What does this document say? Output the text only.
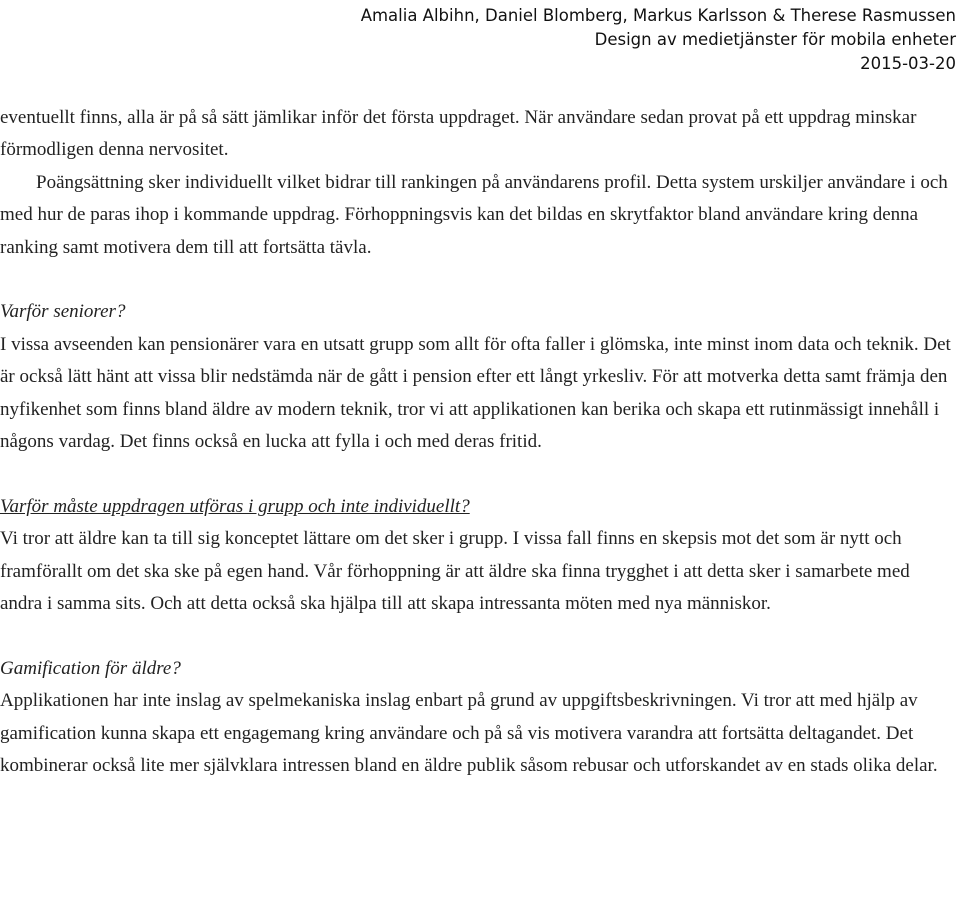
Amalia Albihn, Daniel Blomberg, Markus Karlsson & Therese Rasmussen
Design av medietjänster för mobila enheter
2015-03-20

eventuellt finns, alla är på så sätt jämlikar inför det första uppdraget. När användare sedan provat på ett uppdrag minskar förmodligen denna nervositet.

Poängsättning sker individuellt vilket bidrar till rankingen på användarens profil. Detta system urskiljer användare i och med hur de paras ihop i kommande uppdrag. Förhoppningsvis kan det bildas en skrytfaktor bland användare kring denna ranking samt motivera dem till att fortsätta tävla.

Varför seniorer?

I vissa avseenden kan pensionärer vara en utsatt grupp som allt för ofta faller i glömska, inte minst inom data och teknik. Det är också lätt hänt att vissa blir nedstämda när de gått i pension efter ett långt yrkesliv. För att motverka detta samt främja den nyfikenhet som finns bland äldre av modern teknik, tror vi att applikationen kan berika och skapa ett rutinmässigt innehåll i någons vardag. Det finns också en lucka att fylla i och med deras fritid.

Varför måste uppdragen utföras i grupp och inte individuellt?

Vi tror att äldre kan ta till sig konceptet lättare om det sker i grupp. I vissa fall finns en skepsis mot det som är nytt och framförallt om det ska ske på egen hand. Vår förhoppning är att äldre ska finna trygghet i att detta sker i samarbete med andra i samma sits. Och att detta också ska hjälpa till att skapa intressanta möten med nya människor.

Gamification för äldre?

Applikationen har inte inslag av spelmekaniska inslag enbart på grund av uppgiftsbeskrivningen. Vi tror att med hjälp av gamification kunna skapa ett engagemang kring användare och på så vis motivera varandra att fortsätta deltagandet. Det kombinerar också lite mer självklara intressen bland en äldre publik såsom rebusar och utforskandet av en stads olika delar.
